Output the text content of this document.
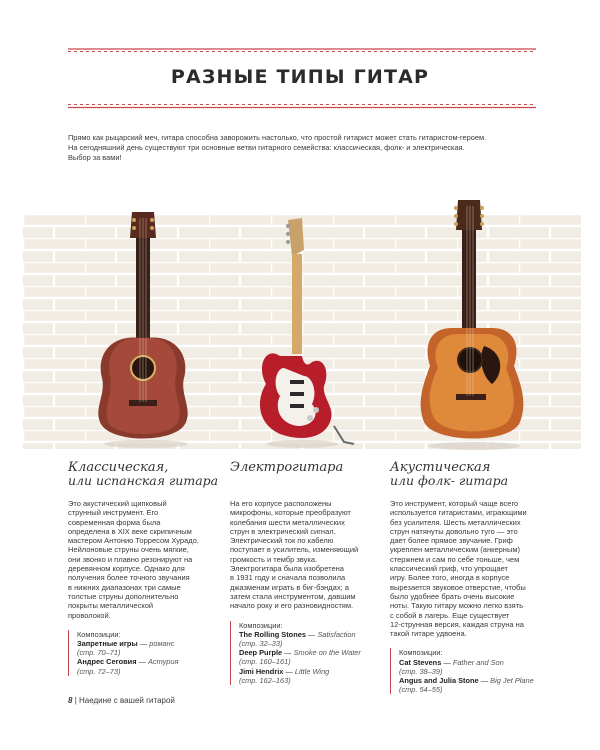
РАЗНЫЕ ТИПЫ ГИТАР

Прямо как рыцарский меч, гитара способна заворожить настолько, что простой гитарист может стать гитаристом-героем.

На сегодняшний день существуют три основные ветви гитарного семейства: классическая, фолк- и электрическая.

Выбор за вами!

Классическая,
или испанская гитара
Это акустический щипковый
струнный инструмент. Его
современная форма была
определена в XIX веке скрипичным
мастером Антонио Торресом Хурадо.
Нейлоновые струны очень мягкие,
они звонко и плавно резонируют на
деревянном корпусе. Однако для
получения более точного звучания
в нижних диапазонах три самые
толстые струны дополнительно
покрыты металлической
проволокой.
Композиции:
Запретные игры — романс
(стр. 70–71)
Андрес Сеговия — Астурия
(стр. 72–73)
Электрогитара
На его корпусе расположены
микрофоны, которые преобразуют
колебания шести металлических
струн в электрический сигнал.
Электрический ток по кабелю
поступает в усилитель, изменяющий
громкость и тембр звука.
Электрогитара была изобретена
в 1931 году и сначала позволила
джазменам играть в биг-бэндах; а
затем стала инструментом, давшим
начало року и его разновидностям.
Композиции:
The Rolling Stones — Satisfaction
(стр. 32–33)
Deep Purple — Smoke on the Water
(стр. 160–161)
Jimi Hendrix — Little Wing
(стр. 162–163)
Акустическая
или фолк- гитара
Это инструмент, который чаще всего
используется гитаристами, играющими
без усилителя. Шесть металлических
струн натянуты довольно туго — это
дает более прямое звучание. Гриф
укреплен металлическим (анкерным)
стержнем и сам по себе тоньше, чем
классический гриф, что упрощает
игру. Более того, иногда в корпусе
вырезается звуковое отверстие, чтобы
было удобнее брать очень высокие
ноты. Такую гитару можно легко взять
с собой в лагерь. Еще существует
12-струнная версия, каждая струна на
такой гитаре удвоена.
Композиции:
Cat Stevens — Father and Son
(стр. 38–39)
Angus and Julia Stone — Big Jet Plane
(стр. 54–55)
8 | Наедине с вашей гитарой
